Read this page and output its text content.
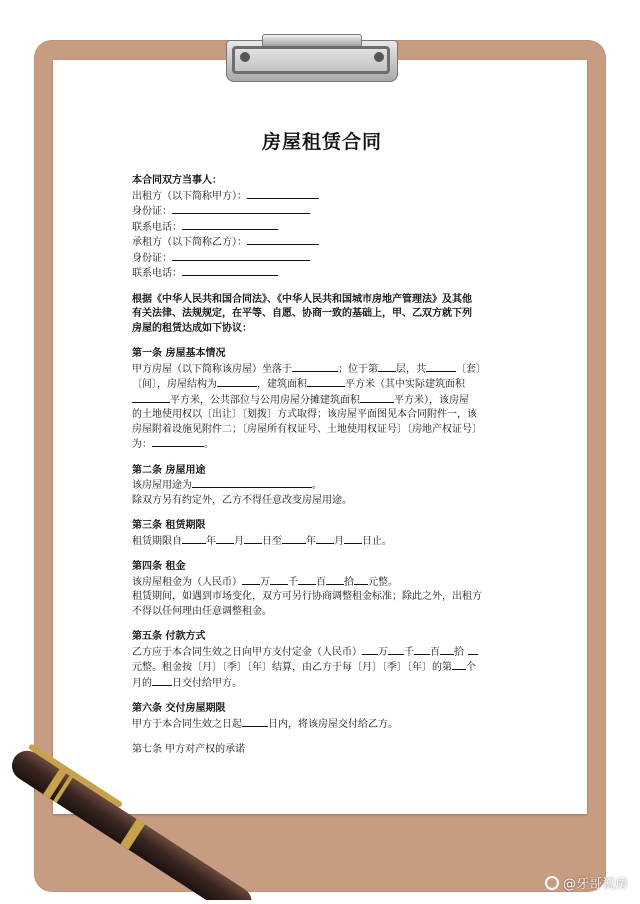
房屋租赁合同
本合同双方当事人：
出租方（以下简称甲方）：
身份证：
联系电话：
承租方（以下简称乙方）：
身份证：
联系电话：
根据《中华人民共和国合同法》、《中华人民共和国城市房地产管理法》及其他
有关法律、法规规定，在平等、自愿、协商一致的基础上，甲、乙双方就下列
房屋的租赁达成如下协议：
第一条 房屋基本情况
甲方房屋（以下简称该房屋）坐落于	；位于第 层，共	〔套〕
〔间〕，房屋结构为	，建筑面积	平方米（其中实际建筑面积
平方米，公共部位与公用房屋分摊建筑面积	平方米），该房屋
的土地使用权以〔出让〕〔划拨〕方式取得；该房屋平面图见本合同附件一，该
房屋附着设施见附件二；〔房屋所有权证号、土地使用权证号〕〔房地产权证号〕
为：	。
第二条 房屋用途
该房屋用途为	。
除双方另有约定外，乙方不得任意改变房屋用途。
第三条 租赁期限
租赁期限自 年 月 日至 年 月 日止。
第四条 租金
该房屋租金为（人民币） 万 千 百 拾 元整。
租赁期间，如遇到市场变化，双方可另行协商调整租金标准；除此之外，出租方
不得以任何理由任意调整租金。
第五条 付款方式
乙方应于本合同生效之日向甲方支付定金（人民币） 万 千 百 拾
元整。租金按〔月〕〔季〕〔年〕结算，由乙方于每〔月〕〔季〕〔年〕的第 个
月的 日交付给甲方。
第六条 交付房屋期限
甲方于本合同生效之日起	日内，将该房屋交付给乙方。
第七条 甲方对产权的承诺
@牙哥说房
